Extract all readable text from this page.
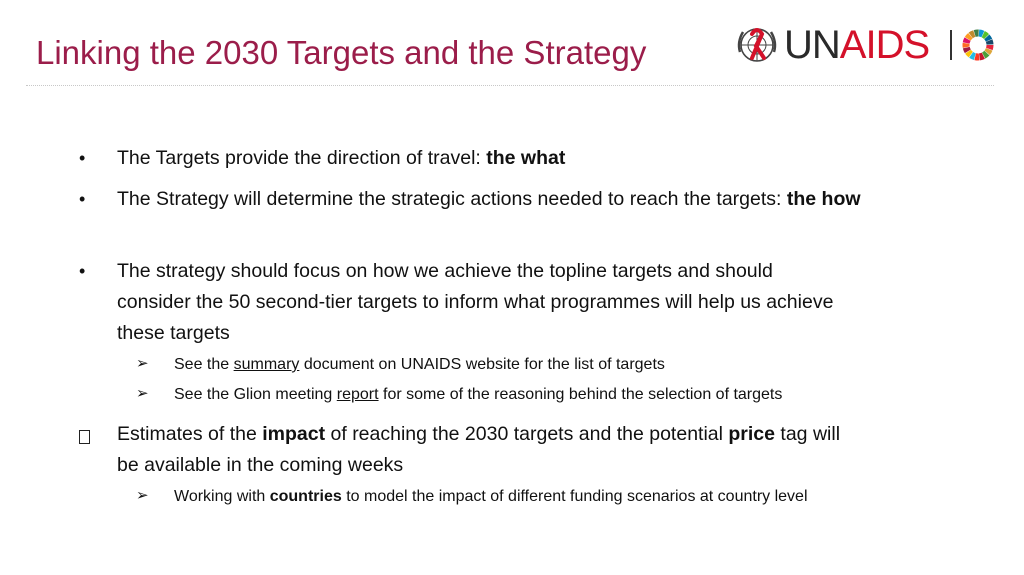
Linking the 2030 Targets and the Strategy	UNAIDS
•	The Targets provide the direction of travel: the what
•	The Strategy will determine the strategic actions needed to reach the targets: the how
•	The strategy should focus on how we achieve the topline targets and should consider the 50 second-tier targets to inform what programmes will help us achieve these targets
➢ See the summary document on UNAIDS website for the list of targets
➢ See the Glion meeting report for some of the reasoning behind the selection of targets
Estimates of the impact of reaching the 2030 targets and the potential price tag will be available in the coming weeks
➢ Working with countries to model the impact of different funding scenarios at country level
